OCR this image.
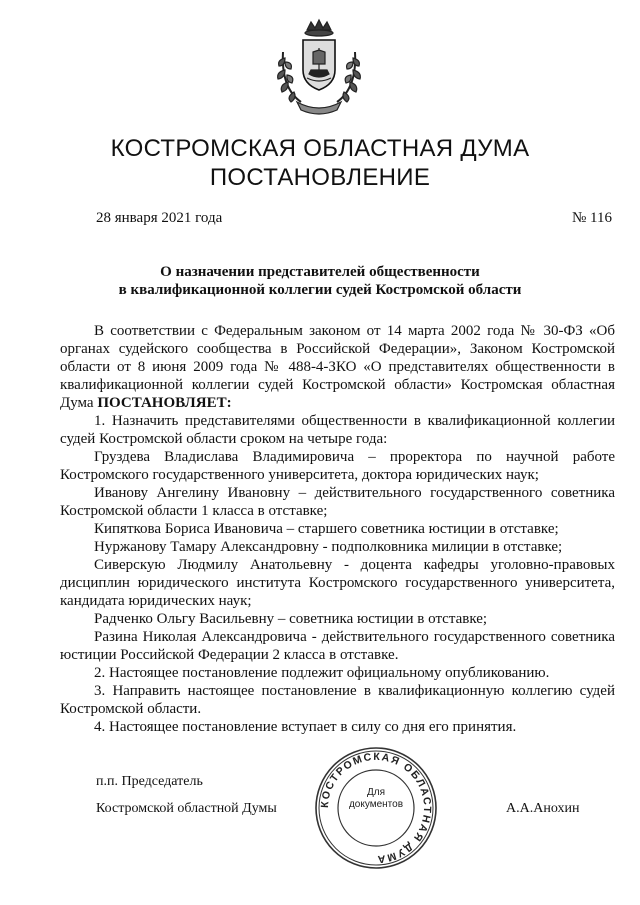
КОСТРОМСКАЯ ОБЛАСТНАЯ ДУМА
ПОСТАНОВЛЕНИЕ
28 января 2021 года	№ 116
О назначении представителей общественности
в квалификационной коллегии судей Костромской области

В соответствии с Федеральным законом от 14 марта 2002 года № 30-ФЗ «Об органах судейского сообщества в Российской Федерации», Законом Костромской области от 8 июня 2009 года № 488-4-ЗКО «О представителях общественности в квалификационной коллегии судей Костромской области» Костромская областная Дума ПОСТАНОВЛЯЕТ:

1. Назначить представителями общественности в квалификационной коллегии судей Костромской области сроком на четыре года:

Груздева Владислава Владимировича – проректора по научной работе Костромского государственного университета, доктора юридических наук;

Иванову Ангелину Ивановну – действительного государственного советника Костромской области 1 класса в отставке;

Кипяткова Бориса Ивановича – старшего советника юстиции в отставке;

Нуржанову Тамару Александровну - подполковника милиции в отставке;

Сиверскую Людмилу Анатольевну - доцента кафедры уголовно-правовых дисциплин юридического института Костромского государственного университета, кандидата юридических наук;

Радченко Ольгу Васильевну – советника юстиции в отставке;

Разина Николая Александровича - действительного государственного советника юстиции Российской Федерации 2 класса в отставке.

2. Настоящее постановление подлежит официальному опубликованию.

3. Направить настоящее постановление в квалификационную коллегию судей Костромской области.

4. Настоящее постановление вступает в силу со дня его принятия.

п.п. Председатель
Костромской областной Думы	А.А.Анохин
КОСТРОМСКАЯ ОБЛАСТНАЯ ДУМА
Для
документов
